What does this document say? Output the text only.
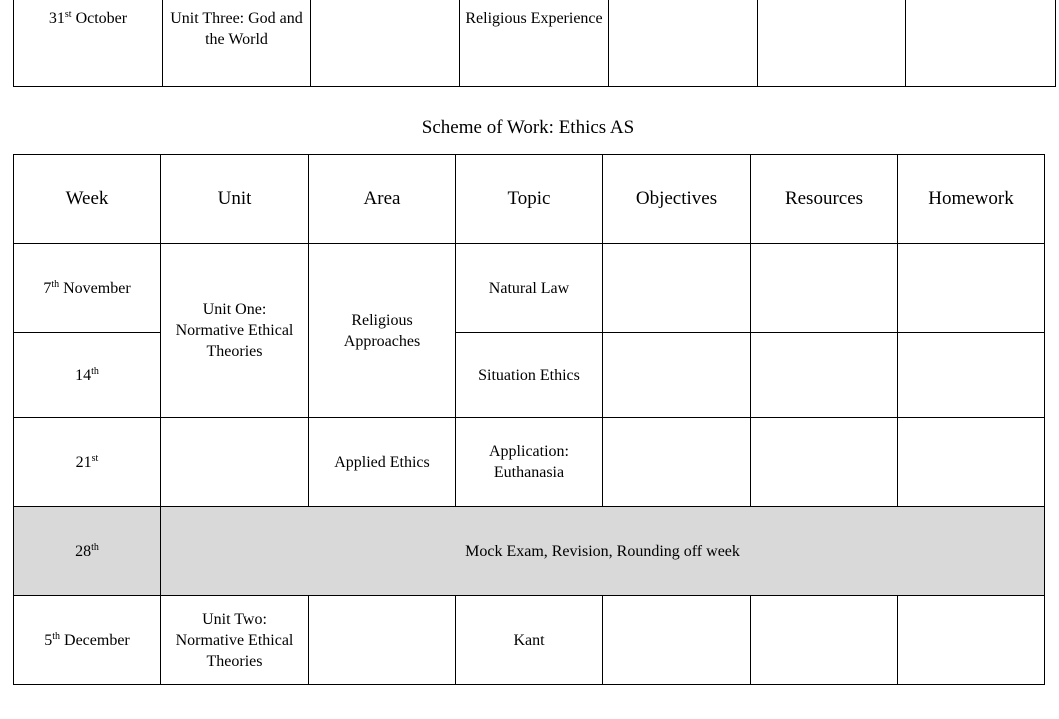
31st October	Unit Three: God and the World		Religious Experience			
Scheme of Work: Ethics AS
Week	Unit	Area	Topic	Objectives	Resources	Homework
7th November	Unit One: Normative Ethical Theories	Religious Approaches	Natural Law			
14th			Situation Ethics			
21st		Applied Ethics	Application: Euthanasia			
28th	Mock Exam, Revision, Rounding off week					
5th December	Unit Two: Normative Ethical Theories		Kant			
